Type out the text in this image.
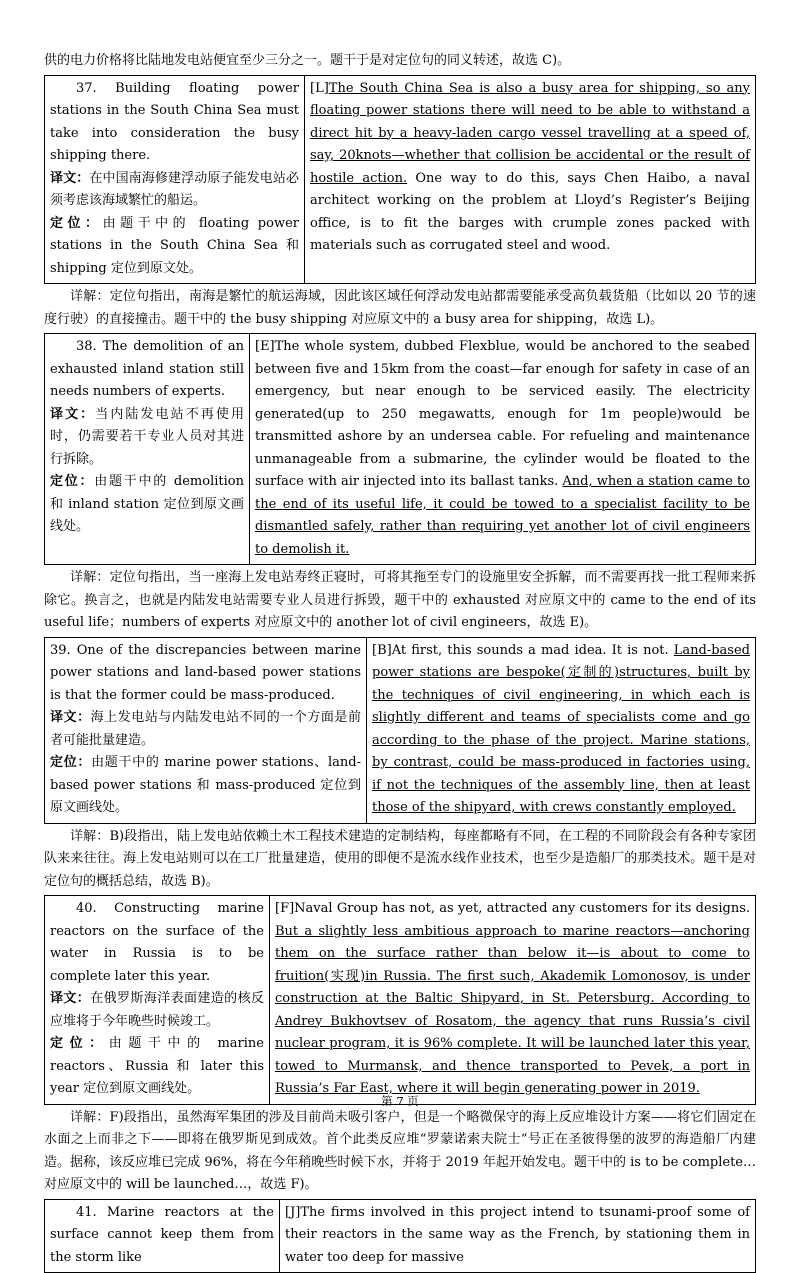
供的电力价格将比陆地发电站便宜至少三分之一。题干于是对定位句的同义转述，故选 C)。

37. Building floating power stations in the South China Sea must take into consideration the busy shipping there.

译文：在中国南海修建浮动原子能发电站必须考虑该海域繁忙的船运。

定位：由题干中的 floating power stations in the South China Sea 和 shipping 定位到原文处。

	[L]The South China Sea is also a busy area for shipping, so any floating power stations there will need to be able to withstand a direct hit by a heavy-laden cargo vessel travelling at a speed of, say, 20knots—whether that collision be accidental or the result of hostile action. One way to do this, says Chen Haibo, a naval architect working on the problem at Lloyd’s Register’s Beijing office, is to fit the barges with crumple zones packed with materials such as corrugated steel and wood.

详解：定位句指出，南海是繁忙的航运海域，因此该区域任何浮动发电站都需要能承受高负载货船（比如以 20 节的速度行驶）的直接撞击。题干中的 the busy shipping 对应原文中的 a busy area for shipping，故选 L)。

38. The demolition of an exhausted inland station still needs numbers of experts.

译文：当内陆发电站不再使用时，仍需要若干专业人员对其进行拆除。

定位：由题干中的 demolition 和 inland station 定位到原文画线处。

	[E]The whole system, dubbed Flexblue, would be anchored to the seabed between five and 15km from the coast—far enough for safety in case of an emergency, but near enough to be serviced easily. The electricity generated(up to 250 megawatts, enough for 1m people)would be transmitted ashore by an undersea cable. For refueling and maintenance unmanageable from a submarine, the cylinder would be floated to the surface with air injected into its ballast tanks. And, when a station came to the end of its useful life, it could be towed to a specialist facility to be dismantled safely, rather than requiring yet another lot of civil engineers to demolish it.

详解：定位句指出，当一座海上发电站寿终正寝时，可将其拖至专门的设施里安全拆解，而不需要再找一批工程师来拆除它。换言之，也就是内陆发电站需要专业人员进行拆毁，题干中的 exhausted 对应原文中的 came to the end of its useful life；numbers of experts 对应原文中的 another lot of civil engineers，故选 E)。

39. One of the discrepancies between marine power stations and land-based power stations is that the former could be mass-produced.

译文：海上发电站与内陆发电站不同的一个方面是前者可能批量建造。

定位：由题干中的 marine power stations、land-based power stations 和 mass-produced 定位到原文画线处。

	[B]At first, this sounds a mad idea. It is not. Land-based power stations are bespoke(定制的)structures, built by the techniques of civil engineering, in which each is slightly different and teams of specialists come and go according to the phase of the project. Marine stations, by contrast, could be mass-produced in factories using, if not the techniques of the assembly line, then at least those of the shipyard, with crews constantly employed.

详解：B)段指出，陆上发电站依赖土木工程技术建造的定制结构，每座都略有不同，在工程的不同阶段会有各种专家团队来来往往。海上发电站则可以在工厂批量建造，使用的即便不是流水线作业技术，也至少是造船厂的那类技术。题干是对定位句的概括总结，故选 B)。

40. Constructing marine reactors on the surface of the water in Russia is to be complete later this year.

译文：在俄罗斯海洋表面建造的核反应堆将于今年晚些时候竣工。

定位：由题干中的 marine reactors、Russia 和 later this year 定位到原文画线处。

	[F]Naval Group has not, as yet, attracted any customers for its designs. But a slightly less ambitious approach to marine reactors—anchoring them on the surface rather than below it—is about to come to fruition(实现)in Russia. The first such, Akademik Lomonosov, is under construction at the Baltic Shipyard, in St. Petersburg. According to Andrey Bukhovtsev of Rosatom, the agency that runs Russia’s civil nuclear program, it is 96% complete. It will be launched later this year, towed to Murmansk, and thence transported to Pevek, a port in Russia’s Far East, where it will begin generating power in 2019.

详解：F)段指出，虽然海军集团的涉及目前尚未吸引客户，但是一个略微保守的海上反应堆设计方案——将它们固定在水面之上而非之下——即将在俄罗斯见到成效。首个此类反应堆“罗蒙诺索夫院士”号正在圣彼得堡的波罗的海造船厂内建造。据称，该反应堆已完成 96%，将在今年稍晚些时候下水，并将于 2019 年起开始发电。题干中的 is to be complete…对应原文中的 will be launched…，故选 F)。

41. Marine reactors at the surface cannot keep them from the storm like

	[J]The firms involved in this project intend to tsunami-proof some of their reactors in the same way as the French, by stationing them in water too deep for massive
第 7 页
